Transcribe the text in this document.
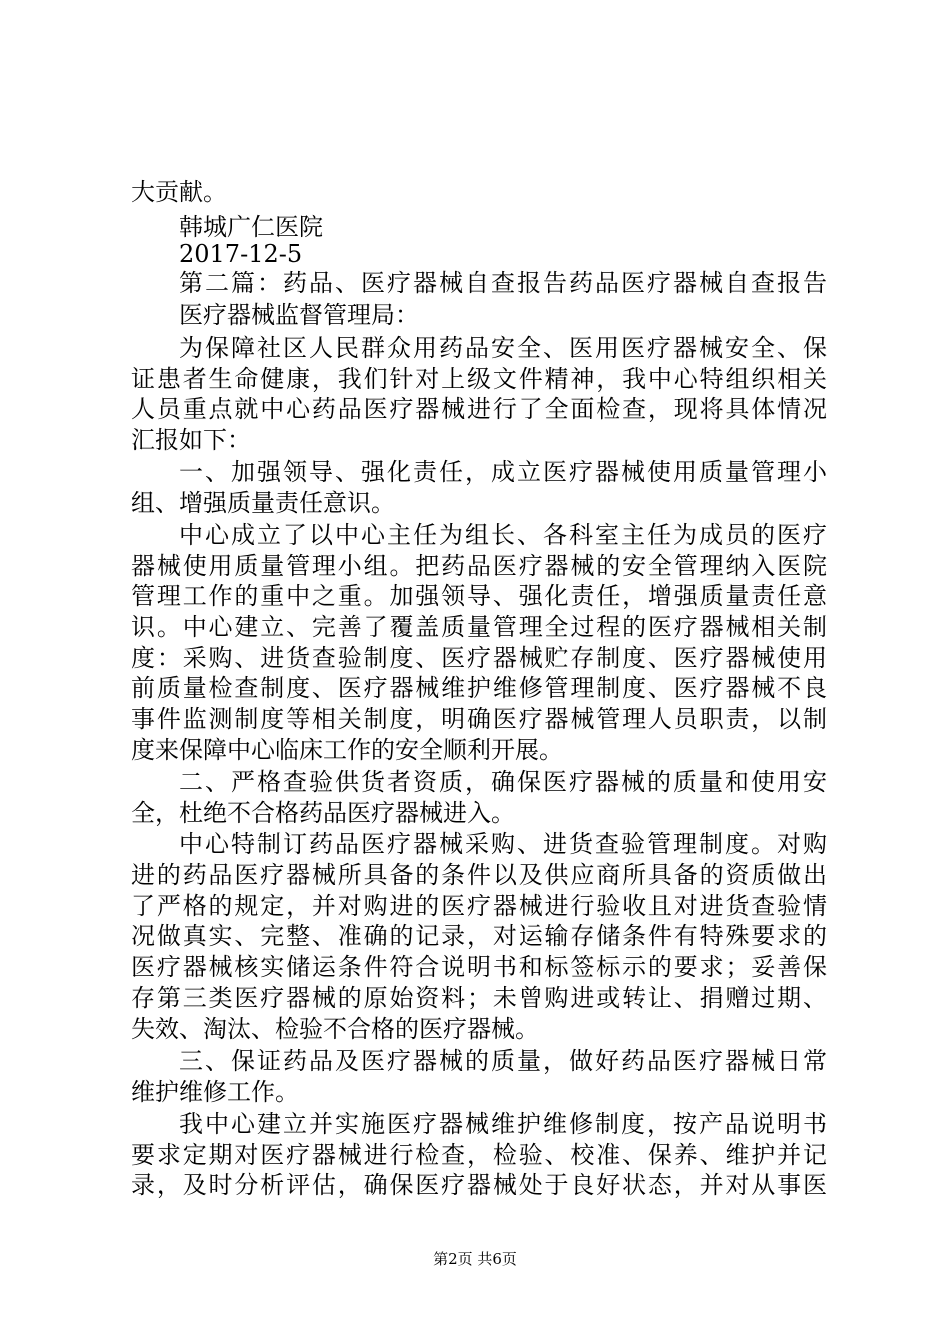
大贡献。
韩城广仁医院
2017-12-5
第二篇：药品、医疗器械自查报告药品医疗器械自查报告
医疗器械监督管理局：
为保障社区人民群众用药品安全、医用医疗器械安全、保
证患者生命健康，我们针对上级文件精神，我中心特组织相关
人员重点就中心药品医疗器械进行了全面检查，现将具体情况
汇报如下：
一、加强领导、强化责任，成立医疗器械使用质量管理小
组、增强质量责任意识。
中心成立了以中心主任为组长、各科室主任为成员的医疗
器械使用质量管理小组。把药品医疗器械的安全管理纳入医院
管理工作的重中之重。加强领导、强化责任，增强质量责任意
识。中心建立、完善了覆盖质量管理全过程的医疗器械相关制
度：采购、进货查验制度、医疗器械贮存制度、医疗器械使用
前质量检查制度、医疗器械维护维修管理制度、医疗器械不良
事件监测制度等相关制度，明确医疗器械管理人员职责，以制
度来保障中心临床工作的安全顺利开展。
二、严格查验供货者资质，确保医疗器械的质量和使用安
全，杜绝不合格药品医疗器械进入。
中心特制订药品医疗器械采购、进货查验管理制度。对购
进的药品医疗器械所具备的条件以及供应商所具备的资质做出
了严格的规定，并对购进的医疗器械进行验收且对进货查验情
况做真实、完整、准确的记录，对运输存储条件有特殊要求的
医疗器械核实储运条件符合说明书和标签标示的要求；妥善保
存第三类医疗器械的原始资料；未曾购进或转让、捐赠过期、
失效、淘汰、检验不合格的医疗器械。
三、保证药品及医疗器械的质量，做好药品医疗器械日常
维护维修工作。
我中心建立并实施医疗器械维护维修制度，按产品说明书
要求定期对医疗器械进行检查，检验、校准、保养、维护并记
录，及时分析评估，确保医疗器械处于良好状态，并对从事医
第2页 共6页
